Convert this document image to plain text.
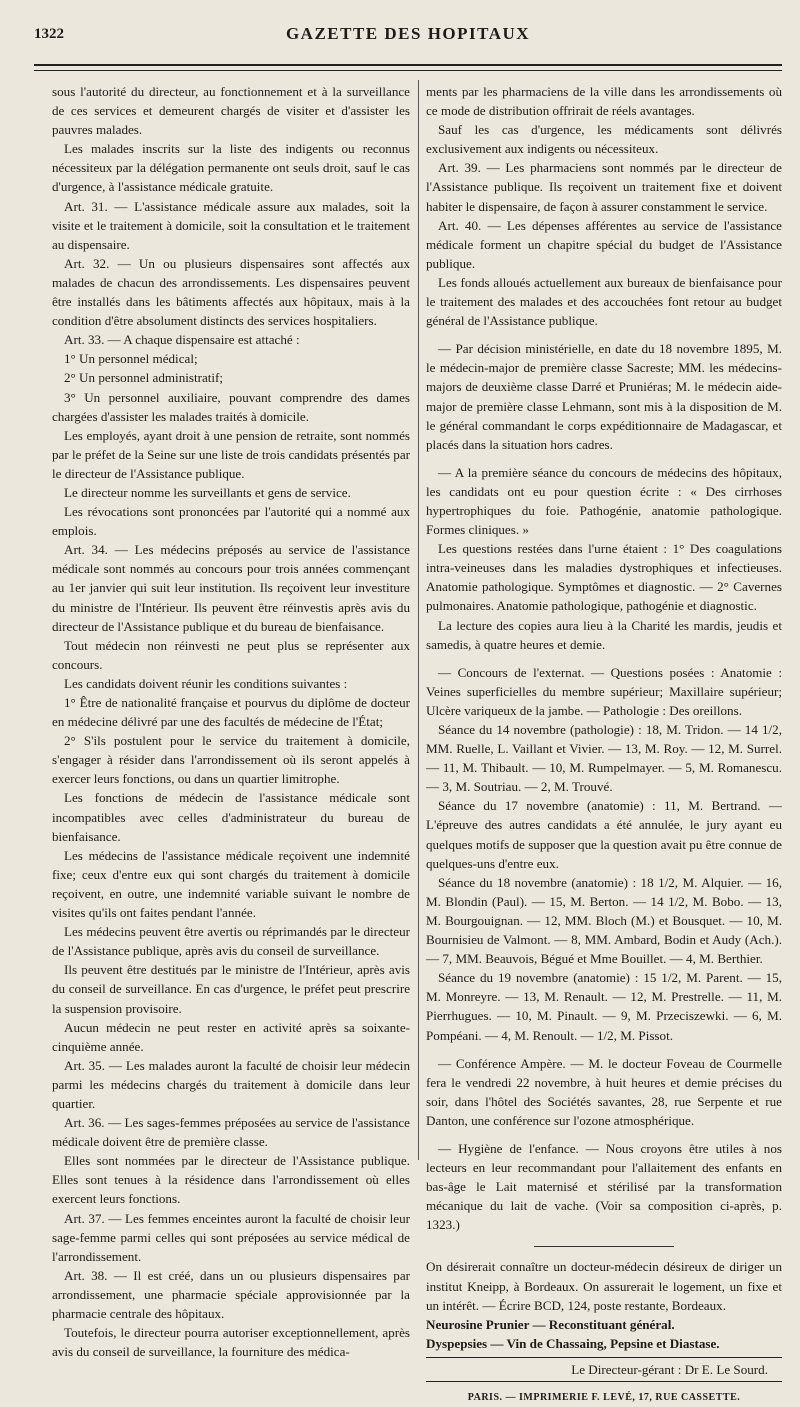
1322	GAZETTE DES HOPITAUX

sous l'autorité du directeur, au fonctionnement et à la surveillance de ces services et demeurent chargés de visiter et d'assister les pauvres malades.

Les malades inscrits sur la liste des indigents ou reconnus nécessiteux par la délégation permanente ont seuls droit, sauf le cas d'urgence, à l'assistance médicale gratuite.

Art. 31. — L'assistance médicale assure aux malades, soit la visite et le traitement à domicile, soit la consultation et le traitement au dispensaire.

Art. 32. — Un ou plusieurs dispensaires sont affectés aux malades de chacun des arrondissements. Les dispensaires peuvent être installés dans les bâtiments affectés aux hôpitaux, mais à la condition d'être absolument distincts des services hospitaliers.

Art. 33. — A chaque dispensaire est attaché :

1° Un personnel médical;

2° Un personnel administratif;

3° Un personnel auxiliaire, pouvant comprendre des dames chargées d'assister les malades traités à domicile.

Les employés, ayant droit à une pension de retraite, sont nommés par le préfet de la Seine sur une liste de trois candidats présentés par le directeur de l'Assistance publique.

Le directeur nomme les surveillants et gens de service.

Les révocations sont prononcées par l'autorité qui a nommé aux emplois.

Art. 34. — Les médecins préposés au service de l'assistance médicale sont nommés au concours pour trois années commençant au 1er janvier qui suit leur institution. Ils reçoivent leur investiture du ministre de l'Intérieur. Ils peuvent être réinvestis après avis du directeur de l'Assistance publique et du bureau de bienfaisance.

Tout médecin non réinvesti ne peut plus se représenter aux concours.

Les candidats doivent réunir les conditions suivantes :

1° Être de nationalité française et pourvus du diplôme de docteur en médecine délivré par une des facultés de médecine de l'État;

2° S'ils postulent pour le service du traitement à domicile, s'engager à résider dans l'arrondissement où ils seront appelés à exercer leurs fonctions, ou dans un quartier limitrophe.

Les fonctions de médecin de l'assistance médicale sont incompatibles avec celles d'administrateur du bureau de bienfaisance.

Les médecins de l'assistance médicale reçoivent une indemnité fixe; ceux d'entre eux qui sont chargés du traitement à domicile reçoivent, en outre, une indemnité variable suivant le nombre de visites qu'ils ont faites pendant l'année.

Les médecins peuvent être avertis ou réprimandés par le directeur de l'Assistance publique, après avis du conseil de surveillance.

Ils peuvent être destitués par le ministre de l'Intérieur, après avis du conseil de surveillance. En cas d'urgence, le préfet peut prescrire la suspension provisoire.

Aucun médecin ne peut rester en activité après sa soixante-cinquième année.

Art. 35. — Les malades auront la faculté de choisir leur médecin parmi les médecins chargés du traitement à domicile dans leur quartier.

Art. 36. — Les sages-femmes préposées au service de l'assistance médicale doivent être de première classe.

Elles sont nommées par le directeur de l'Assistance publique. Elles sont tenues à la résidence dans l'arrondissement où elles exercent leurs fonctions.

Art. 37. — Les femmes enceintes auront la faculté de choisir leur sage-femme parmi celles qui sont préposées au service médical de l'arrondissement.

Art. 38. — Il est créé, dans un ou plusieurs dispensaires par arrondissement, une pharmacie spéciale approvisionnée par la pharmacie centrale des hôpitaux.

Toutefois, le directeur pourra autoriser exceptionnellement, après avis du conseil de surveillance, la fourniture des médica-

ments par les pharmaciens de la ville dans les arrondissements où ce mode de distribution offrirait de réels avantages.

Sauf les cas d'urgence, les médicaments sont délivrés exclusivement aux indigents ou nécessiteux.

Art. 39. — Les pharmaciens sont nommés par le directeur de l'Assistance publique. Ils reçoivent un traitement fixe et doivent habiter le dispensaire, de façon à assurer constamment le service.

Art. 40. — Les dépenses afférentes au service de l'assistance médicale forment un chapitre spécial du budget de l'Assistance publique.

Les fonds alloués actuellement aux bureaux de bienfaisance pour le traitement des malades et des accouchées font retour au budget général de l'Assistance publique.

— Par décision ministérielle, en date du 18 novembre 1895, M. le médecin-major de première classe Sacreste; MM. les médecins-majors de deuxième classe Darré et Pruniéras; M. le médecin aide-major de première classe Lehmann, sont mis à la disposition de M. le général commandant le corps expéditionnaire de Madagascar, et placés dans la situation hors cadres.

— A la première séance du concours de médecins des hôpitaux, les candidats ont eu pour question écrite : « Des cirrhoses hypertrophiques du foie. Pathogénie, anatomie pathologique. Formes cliniques. »

Les questions restées dans l'urne étaient : 1° Des coagulations intra-veineuses dans les maladies dystrophiques et infectieuses. Anatomie pathologique. Symptômes et diagnostic. — 2° Cavernes pulmonaires. Anatomie pathologique, pathogénie et diagnostic.

La lecture des copies aura lieu à la Charité les mardis, jeudis et samedis, à quatre heures et demie.

— Concours de l'externat. — Questions posées : Anatomie : Veines superficielles du membre supérieur; Maxillaire supérieur; Ulcère variqueux de la jambe. — Pathologie : Des oreillons.

Séance du 14 novembre (pathologie) : 18, M. Tridon. — 14 1/2, MM. Ruelle, L. Vaillant et Vivier. — 13, M. Roy. — 12, M. Surrel. — 11, M. Thibault. — 10, M. Rumpelmayer. — 5, M. Romanescu. — 3, M. Soutriau. — 2, M. Trouvé.

Séance du 17 novembre (anatomie) : 11, M. Bertrand. — L'épreuve des autres candidats a été annulée, le jury ayant eu quelques motifs de supposer que la question avait pu être connue de quelques-uns d'entre eux.

Séance du 18 novembre (anatomie) : 18 1/2, M. Alquier. — 16, M. Blondin (Paul). — 15, M. Berton. — 14 1/2, M. Bobo. — 13, M. Bourgouignan. — 12, MM. Bloch (M.) et Bousquet. — 10, M. Bournisieu de Valmont. — 8, MM. Ambard, Bodin et Audy (Ach.). — 7, MM. Beauvois, Bégué et Mme Bouillet. — 4, M. Berthier.

Séance du 19 novembre (anatomie) : 15 1/2, M. Parent. — 15, M. Monreyre. — 13, M. Renault. — 12, M. Prestrelle. — 11, M. Pierrhugues. — 10, M. Pinault. — 9, M. Przeciszewki. — 6, M. Pompéani. — 4, M. Renoult. — 1/2, M. Pissot.

— Conférence Ampère. — M. le docteur Foveau de Courmelle fera le vendredi 22 novembre, à huit heures et demie précises du soir, dans l'hôtel des Sociétés savantes, 28, rue Serpente et rue Danton, une conférence sur l'ozone atmosphérique.

— Hygiène de l'enfance. — Nous croyons être utiles à nos lecteurs en leur recommandant pour l'allaitement des enfants en bas-âge le Lait maternisé et stérilisé par la transformation mécanique du lait de vache. (Voir sa composition ci-après, p. 1323.)

On désirerait connaître un docteur-médecin désireux de diriger un institut Kneipp, à Bordeaux. On assurerait le logement, un fixe et un intérêt. — Écrire BCD, 124, poste restante, Bordeaux.

Neurosine Prunier — Reconstituant général.

Dyspepsies — Vin de Chassaing, Pepsine et Diastase.

Le Directeur-gérant : Dr E. Le Sourd.
PARIS. — IMPRIMERIE F. LEVÉ, 17, RUE CASSETTE.
